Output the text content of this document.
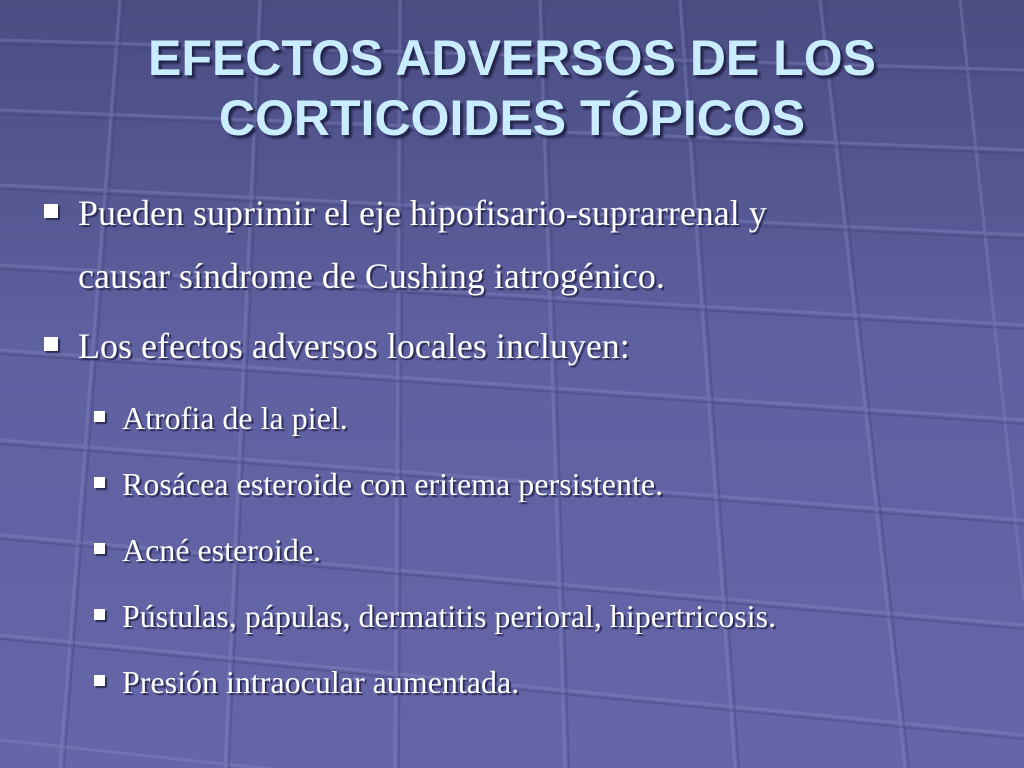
EFECTOS ADVERSOS DE LOS
CORTICOIDES TÓPICOS
Pueden suprimir el eje hipofisario-suprarrenal y
causar síndrome de Cushing iatrogénico.
Los efectos adversos locales incluyen:
Atrofia de la piel.
Rosácea esteroide con eritema persistente.
Acné esteroide.
Pústulas, pápulas, dermatitis perioral, hipertricosis.
Presión intraocular aumentada.
